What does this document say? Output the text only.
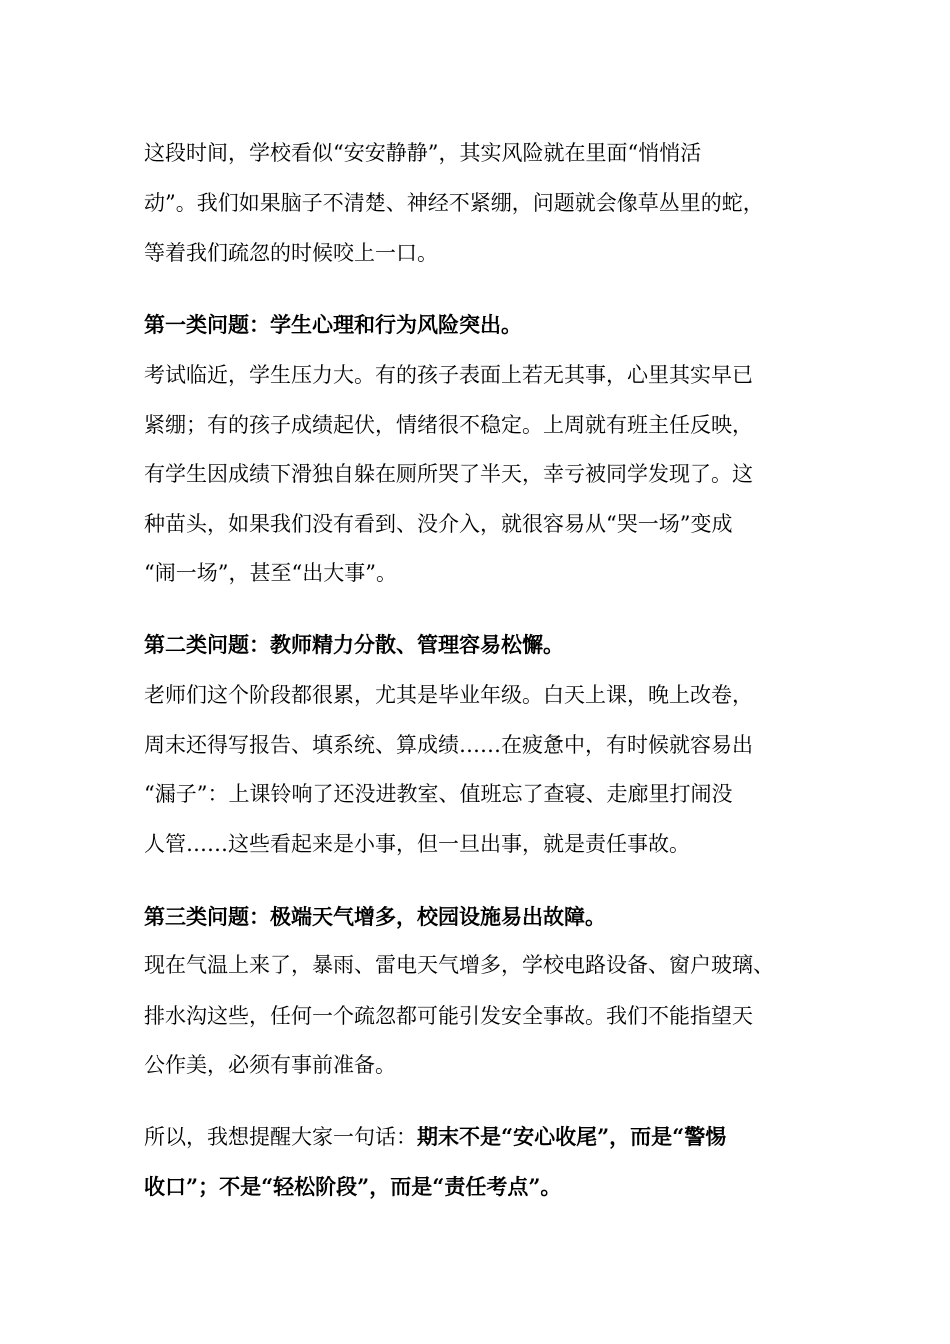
这段时间，学校看似“安安静静”，其实风险就在里面“悄悄活
动”。我们如果脑子不清楚、神经不紧绷，问题就会像草丛里的蛇，
等着我们疏忽的时候咬上一口。
第一类问题：学生心理和行为风险突出。
考试临近，学生压力大。有的孩子表面上若无其事，心里其实早已
紧绷；有的孩子成绩起伏，情绪很不稳定。上周就有班主任反映，
有学生因成绩下滑独自躲在厕所哭了半天，幸亏被同学发现了。这
种苗头，如果我们没有看到、没介入，就很容易从“哭一场”变成
“闹一场”，甚至“出大事”。
第二类问题：教师精力分散、管理容易松懈。
老师们这个阶段都很累，尤其是毕业年级。白天上课，晚上改卷，
周末还得写报告、填系统、算成绩……在疲惫中，有时候就容易出
“漏子”：上课铃响了还没进教室、值班忘了查寝、走廊里打闹没
人管……这些看起来是小事，但一旦出事，就是责任事故。
第三类问题：极端天气增多，校园设施易出故障。
现在气温上来了，暴雨、雷电天气增多，学校电路设备、窗户玻璃、
排水沟这些，任何一个疏忽都可能引发安全事故。我们不能指望天
公作美，必须有事前准备。
所以，我想提醒大家一句话：期末不是“安心收尾”，而是“警惕
收口”；不是“轻松阶段”，而是“责任考点”。
